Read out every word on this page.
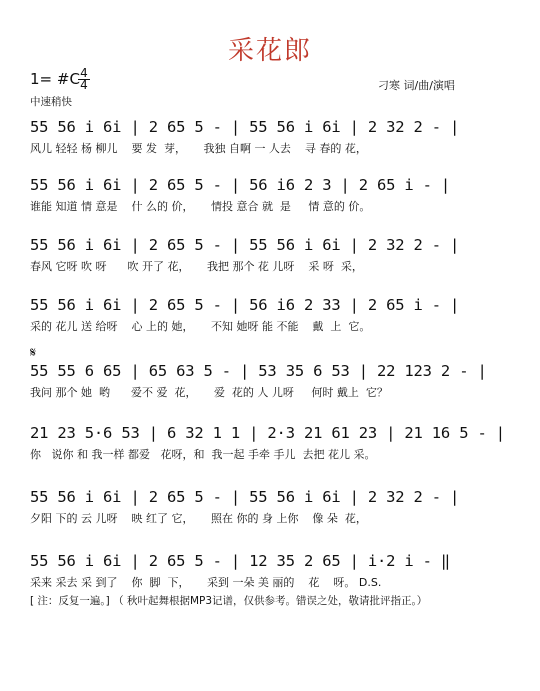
采花郎
1= #C 4
4
中速稍快
刁寒 词/曲/演唱
55 56 i 6i | 2 65 5 - | 55 56 i 6i | 2 32 2 - |
风儿 轻轻 杨 柳儿    要 发  芽，     我独 自啊 一 人去    寻 春的 花，
55 56 i 6i | 2 65 5 - | 56 i6 2 3 | 2 65 i - |
谁能 知道 情 意是    什 么的 价，     情投 意合 就  是     情 意的 价。
55 56 i 6i | 2 65 5 - | 55 56 i 6i | 2 32 2 - |
春风 它呀 吹 呀      吹 开了 花，     我把 那个 花 儿呀    采 呀  采，
55 56 i 6i | 2 65 5 - | 56 i6 2 33 | 2 65 i - |
采的 花儿 送 给呀    心 上的 她，     不知 她呀 能 不能    戴  上  它。
𝄋
55 55 6 65 | 65 63 5 - | 53 35 6 53 | 22 123 2 - |
我问 那个 她  哟      爱不 爱  花，     爱  花的 人 儿呀     何时 戴上  它？
21 23 5·6 53 | 6 32 1 1 | 2·3 21 61 23 | 21 16 5 - |
你   说你 和 我一样 都爱   花呀，和  我一起 手牵 手儿  去把 花儿 采。
55 56 i 6i | 2 65 5 - | 55 56 i 6i | 2 32 2 - |
夕阳 下的 云 儿呀    映 红了 它，     照在 你的 身 上你    像 朵  花，
55 56 i 6i | 2 65 5 - | 12 35 2 65 | i·2 i - ‖
采来 采去 采 到了    你  脚  下，     采到 一朵 美 丽的    花    呀。 D.S.
[ 注：反复一遍。] （ 秋叶起舞根据MP3记谱，仅供参考。错误之处，敬请批评指正。）
